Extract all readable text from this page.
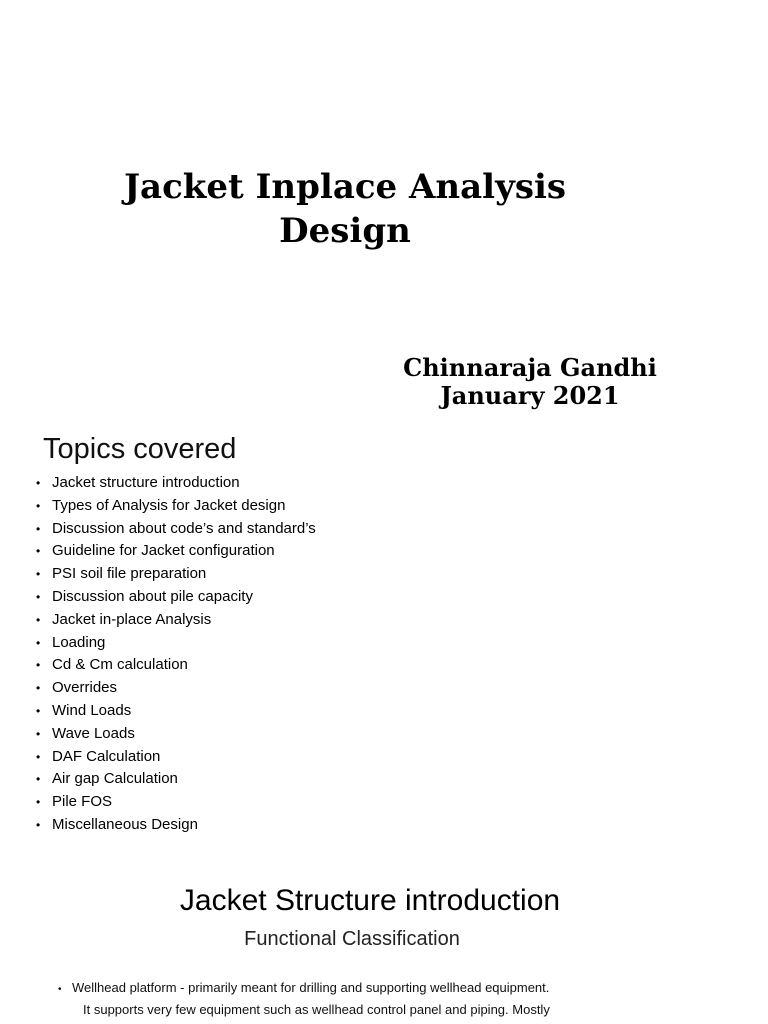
Jacket Inplace Analysis
Design
Chinnaraja Gandhi
January 2021
Topics covered
• Jacket structure introduction
• Types of Analysis for Jacket design
• Discussion about code’s and standard’s
• Guideline for Jacket configuration
• PSI soil file preparation
• Discussion about pile capacity
• Jacket in-place Analysis
• Loading
• Cd & Cm calculation
• Overrides
• Wind Loads
• Wave Loads
• DAF Calculation
• Air gap Calculation
• Pile FOS
• Miscellaneous Design
Jacket Structure introduction
Functional Classification
• Wellhead platform - primarily meant for drilling and supporting wellhead equipment.
It supports very few equipment such as wellhead control panel and piping. Mostly
